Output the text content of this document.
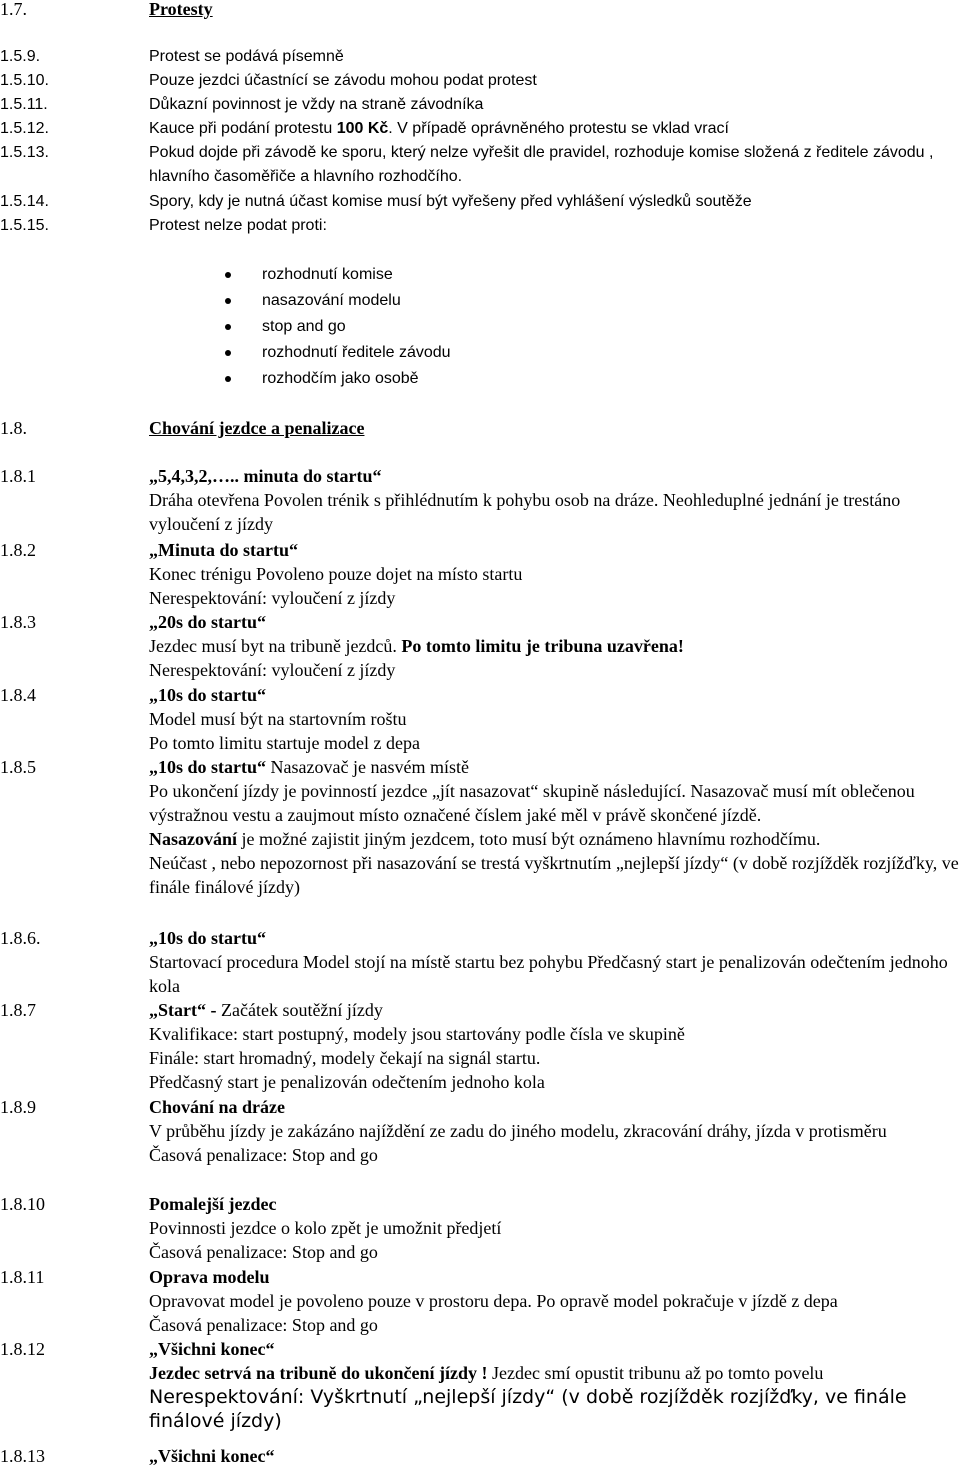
1.7.	Protesty
1.5.9.	Protest se podává písemně
1.5.10.	Pouze jezdci účastnící se závodu mohou podat protest
1.5.11.	Důkazní povinnost je vždy na straně závodníka
1.5.12.	Kauce při podání protestu 100 Kč. V případě oprávněného protestu se vklad vrací
1.5.13.	Pokud dojde při závodě ke sporu, který nelze vyřešit dle pravidel, rozhoduje komise složená z ředitele závodu , hlavního časoměřiče a hlavního rozhodčího.
1.5.14.	Spory, kdy je nutná účast komise musí být vyřešeny před vyhlášení výsledků soutěže
1.5.15.	Protest nelze podat proti:
rozhodnutí komise
nasazování modelu
stop and go
rozhodnutí ředitele závodu
rozhodčím jako osobě
1.8.	Chování jezdce a penalizace
1.8.1	„5,4,3,2,….. minuta do startu“
Dráha otevřena Povolen trénik s přihlédnutím k pohybu osob na dráze. Neohleduplné jednání je trestáno vyloučení z jízdy
1.8.2	„Minuta do startu“
Konec trénigu Povoleno pouze dojet na místo startu
Nerespektování: vyloučení z jízdy
1.8.3	„20s do startu“
Jezdec musí byt na tribuně jezdců. Po tomto limitu je tribuna uzavřena!
Nerespektování: vyloučení z jízdy
1.8.4	„10s do startu“
Model musí být na startovním roštu
Po tomto limitu startuje model z depa
1.8.5	„10s do startu“ Nasazovač je nasvém místě
Po ukončení jízdy je povinností jezdce „jít nasazovat“ skupině následující. Nasazovač musí mít oblečenou výstražnou vestu a zaujmout místo označené číslem jaké měl v právě skončené jízdě.
Nasazování je možné zajistit jiným jezdcem, toto musí být oznámeno hlavnímu rozhodčímu.
Neúčast , nebo nepozornost při nasazování se trestá vyškrtnutím „nejlepší jízdy“ (v době rozjížděk rozjížďky, ve finále finálové jízdy)
1.8.6.	„10s do startu“
Startovací procedura Model stojí na místě startu bez pohybu Předčasný start je penalizován odečtením jednoho kola
1.8.7	„Start“ - Začátek soutěžní jízdy
Kvalifikace: start postupný, modely jsou startovány podle čísla ve skupině
Finále: start hromadný, modely čekají na signál startu.
Předčasný start je penalizován odečtením jednoho kola
1.8.9	Chování na dráze
V průběhu jízdy je zakázáno najíždění ze zadu do jiného modelu, zkracování dráhy, jízda v protisměru
Časová penalizace: Stop and go
1.8.10	Pomalejší jezdec
Povinnosti jezdce o kolo zpět je umožnit předjetí
Časová penalizace: Stop and go
1.8.11	Oprava modelu
Opravovat model je povoleno pouze v prostoru depa. Po opravě model pokračuje v jízdě z depa
Časová penalizace: Stop and go
1.8.12	„Všichni konec“
Jezdec setrvá na tribuně do ukončení jízdy ! Jezdec smí opustit tribunu až po tomto povelu
Nerespektování: Vyškrtnutí „nejlepší jízdy“ (v době rozjížděk rozjížďky, ve finále finálové jízdy)
1.8.13	„Všichni konec“
